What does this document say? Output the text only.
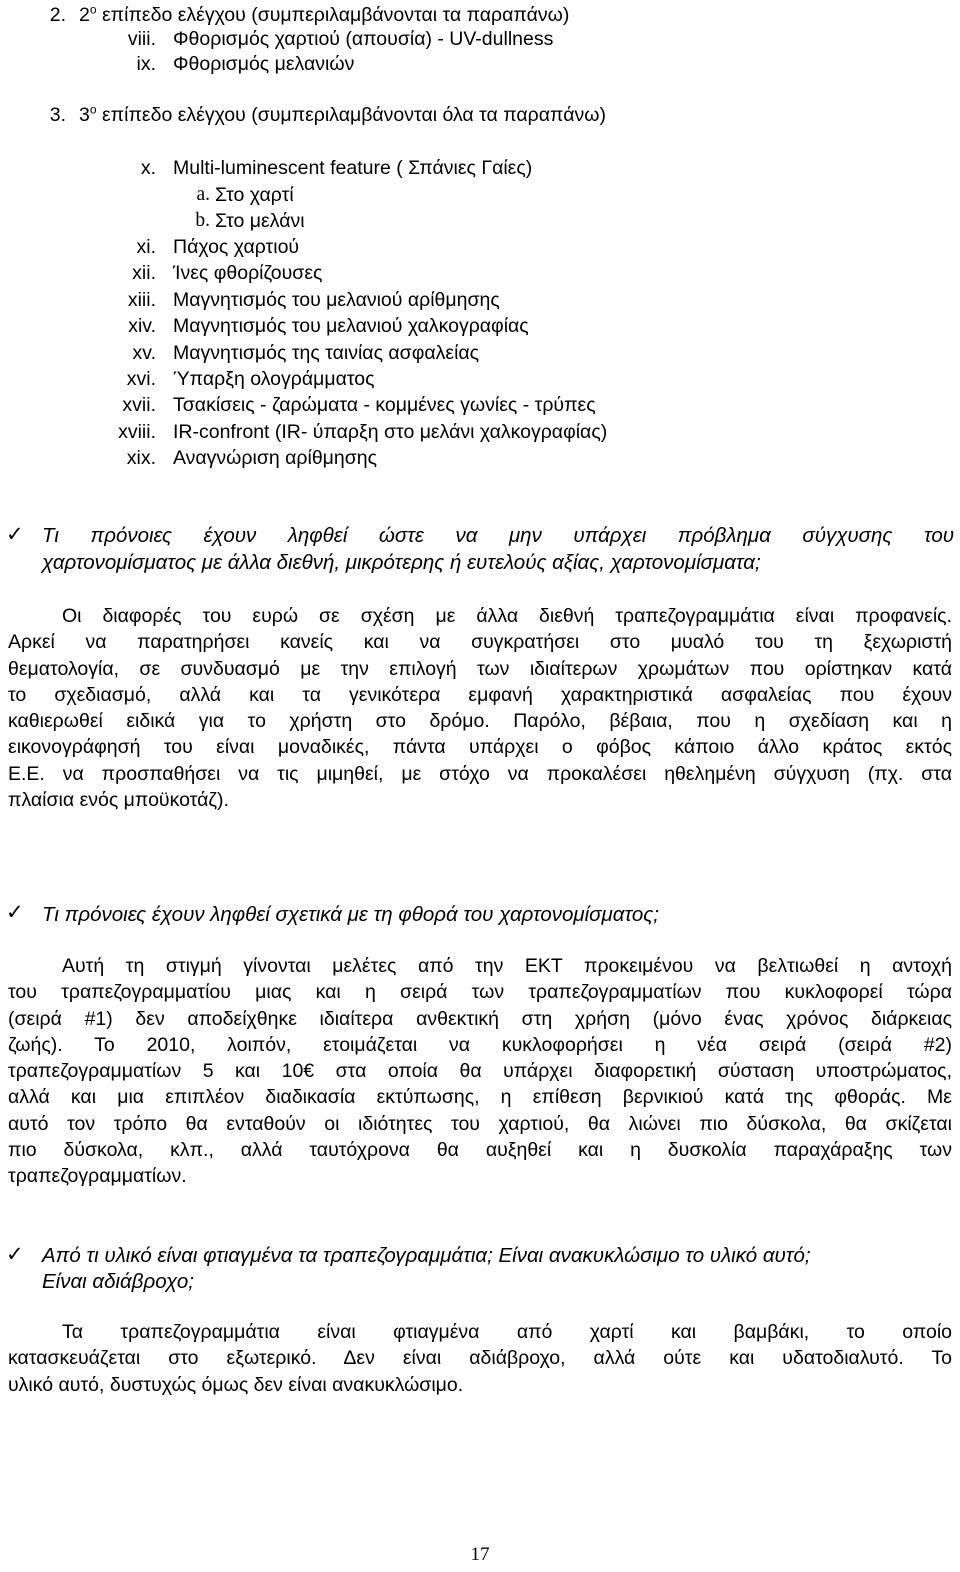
2. $2^o$ επίπεδο ελέγχου (συμπεριλαμβάνονται τα παραπάνω)
viii. Φθορισμός χαρτιού (απουσία) - UV-dullness
ix. Φθορισμός μελανιών
3. $3^o$ επίπεδο ελέγχου (συμπεριλαμβάνονται όλα τα παραπάνω)
x. Multi-luminescent feature ( Σπάνιες Γαίες)
a. Στο χαρτί
b. Στο μελάνι
xi. Πάχος χαρτιού
xii. Ίνες φθορίζουσες
xiii. Μαγνητισμός του μελανιού αρίθμησης
xiv. Μαγνητισμός του μελανιού χαλκογραφίας
xv. Μαγνητισμός της ταινίας ασφαλείας
xvi. Ύπαρξη ολογράμματος
xvii. Τσακίσεις - ζαρώματα - κομμένες γωνίες - τρύπες
xviii. IR-confront (IR- ύπαρξη στο μελάνι χαλκογραφίας)
xix. Αναγνώριση αρίθμησης
✓ Τι πρόνοιες έχουν ληφθεί ώστε να μην υπάρχει πρόβλημα σύγχυσης του
χαρτονομίσματος με άλλα διεθνή, μικρότερης ή ευτελούς αξίας, χαρτονομίσματα;
Οι διαφορές του ευρώ σε σχέση με άλλα διεθνή τραπεζογραμμάτια είναι προφανείς.
Αρκεί να παρατηρήσει κανείς και να συγκρατήσει στο μυαλό του τη ξεχωριστή
θεματολογία, σε συνδυασμό με την επιλογή των ιδιαίτερων χρωμάτων που ορίστηκαν κατά
το σχεδιασμό, αλλά και τα γενικότερα εμφανή χαρακτηριστικά ασφαλείας που έχουν
καθιερωθεί ειδικά για το χρήστη στο δρόμο. Παρόλο, βέβαια, που η σχεδίαση και η
εικονογράφησή του είναι μοναδικές, πάντα υπάρχει ο φόβος κάποιο άλλο κράτος εκτός
Ε.Ε. να προσπαθήσει να τις μιμηθεί, με στόχο να προκαλέσει ηθελημένη σύγχυση (πχ. στα
πλαίσια ενός μποϋκοτάζ).
✓ Τι πρόνοιες έχουν ληφθεί σχετικά με τη φθορά του χαρτονομίσματος;
Αυτή τη στιγμή γίνονται μελέτες από την ΕΚΤ προκειμένου να βελτιωθεί η αντοχή
του τραπεζογραμματίου μιας και η σειρά των τραπεζογραμματίων που κυκλοφορεί τώρα
(σειρά #1) δεν αποδείχθηκε ιδιαίτερα ανθεκτική στη χρήση (μόνο ένας χρόνος διάρκειας
ζωής). Το 2010, λοιπόν, ετοιμάζεται να κυκλοφορήσει η νέα σειρά (σειρά #2)
τραπεζογραμματίων 5 και 10€ στα οποία θα υπάρχει διαφορετική σύσταση υποστρώματος,
αλλά και μια επιπλέον διαδικασία εκτύπωσης, η επίθεση βερνικιού κατά της φθοράς. Με
αυτό τον τρόπο θα ενταθούν οι ιδιότητες του χαρτιού, θα λιώνει πιο δύσκολα, θα σκίζεται
πιο δύσκολα, κλπ., αλλά ταυτόχρονα θα αυξηθεί και η δυσκολία παραχάραξης των
τραπεζογραμματίων.
✓ Από τι υλικό είναι φτιαγμένα τα τραπεζογραμμάτια; Είναι ανακυκλώσιμο το υλικό αυτό;
Είναι αδιάβροχο;
Τα τραπεζογραμμάτια είναι φτιαγμένα από χαρτί και βαμβάκι, το οποίο
κατασκευάζεται στο εξωτερικό. Δεν είναι αδιάβροχο, αλλά ούτε και υδατοδιαλυτό. Το
υλικό αυτό, δυστυχώς όμως δεν είναι ανακυκλώσιμο.
17
